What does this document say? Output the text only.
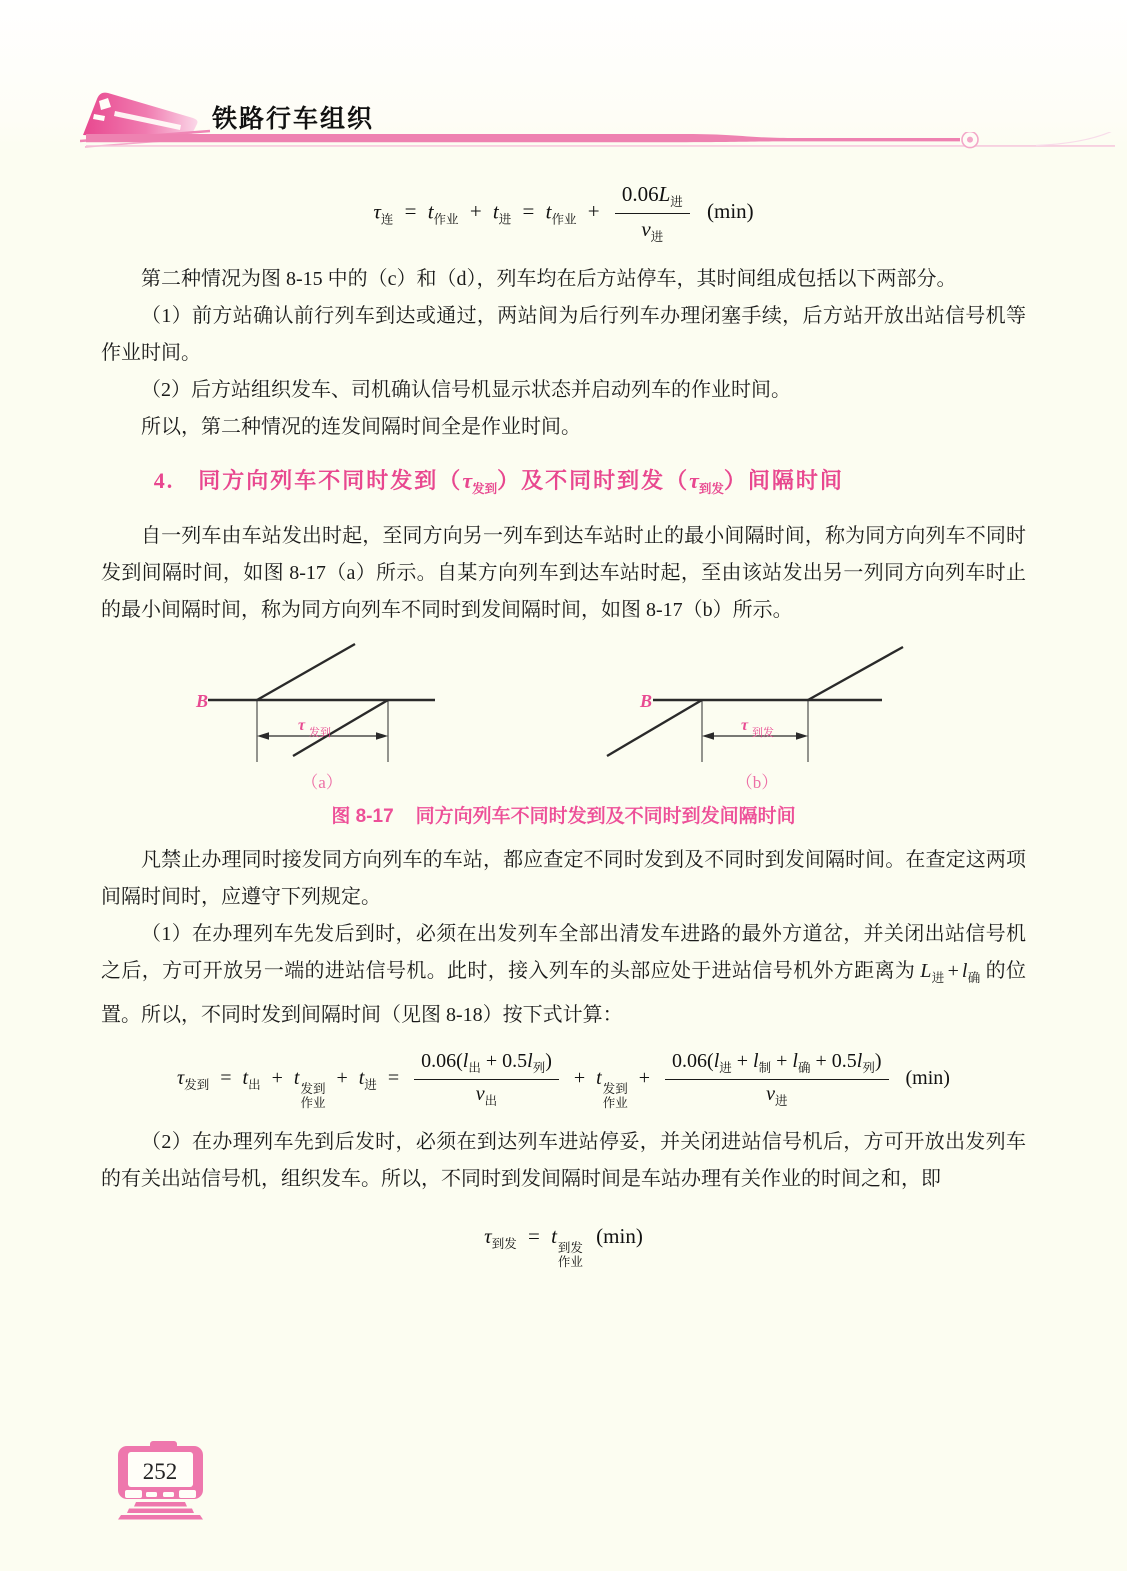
铁路行车组织
$\tau_连 = t_{作业} + t_进 = t_{作业} + \frac{0.06L_进}{v_进} (\min)$

第二种情况为图 8-15 中的（c）和（d），列车均在后方站停车，其时间组成包括以下两部分。

（1）前方站确认前行列车到达或通过，两站间为后行列车办理闭塞手续，后方站开放出站信号机等作业时间。

（2）后方站组织发车、司机确认信号机显示状态并启动列车的作业时间。

所以，第二种情况的连发间隔时间全是作业时间。

4.　同方向列车不同时发到$(\tau_{发到})$及不同时到发$(\tau_{到发})$间隔时间

自一列车由车站发出时起，至同方向另一列车到达车站时止的最小间隔时间，称为同方向列车不同时发到间隔时间，如图 8-17（a）所示。自某方向列车到达车站时起，至由该站发出另一列同方向列车时止的最小间隔时间，称为同方向列车不同时到发间隔时间，如图 8-17（b）所示。

B
τ 发到
（a）
B
τ 到发
（b）
图 8-17 同方向列车不同时发到及不同时到发间隔时间

凡禁止办理同时接发同方向列车的车站，都应查定不同时发到及不同时到发间隔时间。在查定这两项间隔时间时，应遵守下列规定。

（1）在办理列车先发后到时，必须在出发列车全部出清发车进路的最外方道岔，并关闭出站信号机之后，方可开放另一端的进站信号机。此时，接入列车的头部应处于进站信号机外方距离为 $L_进 + l_确$ 的位置。所以，不同时发到间隔时间（见图 8-18）按下式计算：

$\tau_{发到} = t_出 + t$ 发到
作业
+ $t_进 = \frac{0.06(l_出 + 0.5l_列)}{v_出} + t$ 发到
作业
+ $\frac{0.06(l_进 + l_制 + l_确 + 0.5l_列)}{v_进} (\min)$

（2）在办理列车先到后发时，必须在到达列车进站停妥，并关闭进站信号机后，方可开放出发列车的有关出站信号机，组织发车。所以，不同时到发间隔时间是车站办理有关作业的时间之和，即

$\tau_{到发} = t$ 到发
作业
(min)
252
